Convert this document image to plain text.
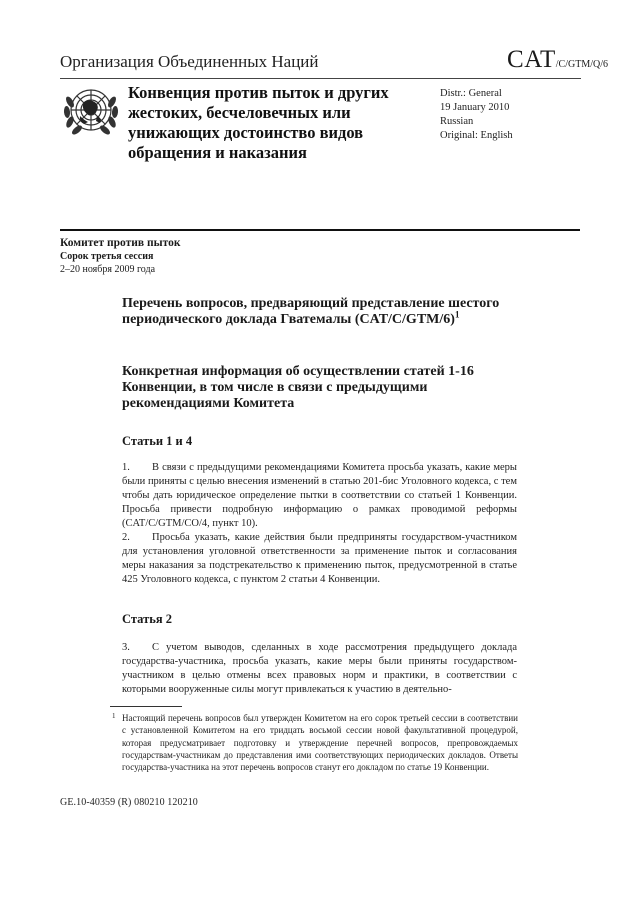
Организация Объединенных Наций	CAT/C/GTM/Q/6
Конвенция против пыток и других жестоких, бесчеловечных или унижающих достоинство видов обращения и наказания
Distr.: General
19 January 2010
Russian
Original: English
Комитет против пыток
Сорок третья сессия
2–20 ноября 2009 года
Перечень вопросов, предваряющий представление шестого периодического доклада Гватемалы $(CAT/C/GTM/6)^1$
Конкретная информация об осуществлении статей 1-16 Конвенции, в том числе в связи с предыдущими рекомендациями Комитета
Статьи 1 и 4
1. В связи с предыдущими рекомендациями Комитета просьба указать, какие меры были приняты с целью внесения изменений в статью 201-бис Уголовного кодекса, с тем чтобы дать юридическое определение пытки в соответствии со статьей 1 Конвенции. Просьба привести подробную информацию о рамках проводимой реформы (CAT/C/GTM/CO/4, пункт 10).
2. Просьба указать, какие действия были предприняты государством-участником для установления уголовной ответственности за применение пыток и согласования меры наказания за подстрекательство к применению пыток, предусмотренной в статье 425 Уголовного кодекса, с пунктом 2 статьи 4 Конвенции.
Статья 2
3. С учетом выводов, сделанных в ходе рассмотрения предыдущего доклада государства-участника, просьба указать, какие меры были приняты государством-участником в целью отмены всех правовых норм и практики, в соответствии с которыми вооруженные силы могут привлекаться к участию в деятельно-
1 Настоящий перечень вопросов был утвержден Комитетом на его сорок третьей сессии в соответствии с установленной Комитетом на его тридцать восьмой сессии новой факультативной процедурой, которая предусматривает подготовку и утверждение перечней вопросов, препровождаемых государствам-участникам до представления ими соответствующих периодических докладов. Ответы государства-участника на этот перечень вопросов станут его докладом по статье 19 Конвенции.
GE.10-40359 (R) 080210 120210
